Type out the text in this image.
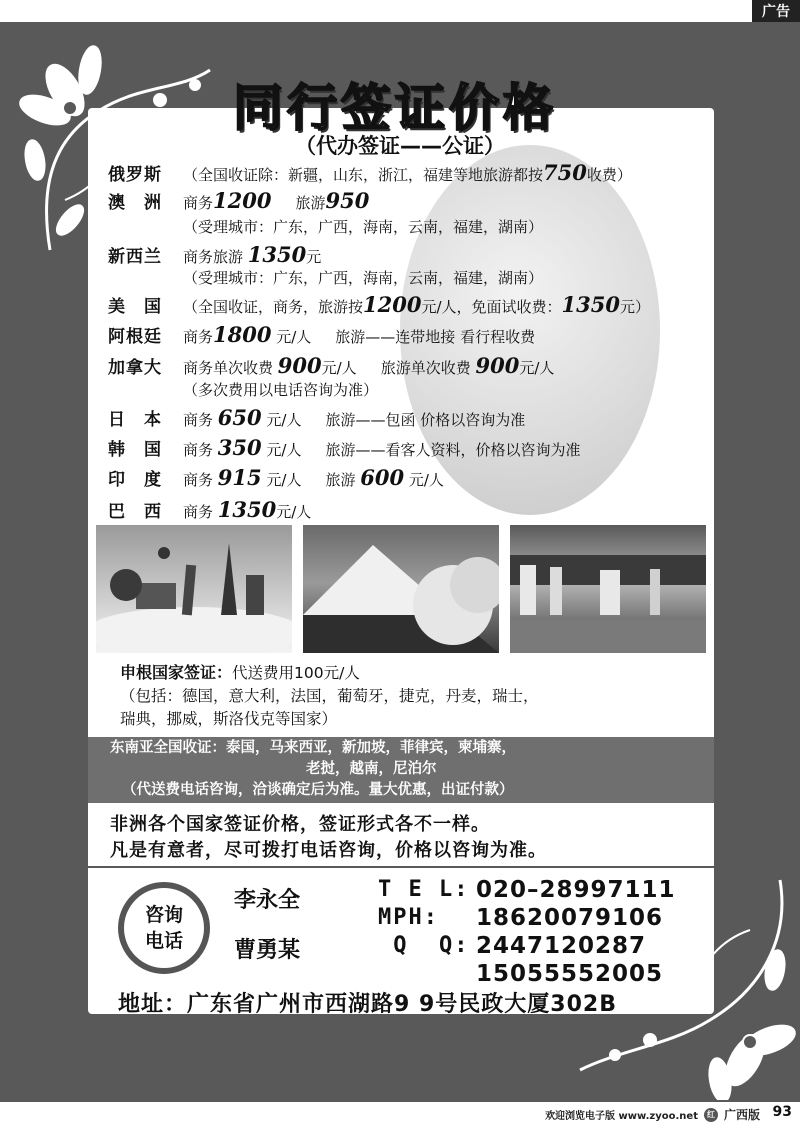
广告
同行签证价格
（代办签证——公证）
俄罗斯 （全国收证除：新疆，山东，浙江，福建等地旅游都按750收费）
澳　洲 商务1200 旅游950
（受理城市：广东，广西，海南，云南，福建，湖南）
新西兰 商务旅游 1350元
（受理城市：广东，广西，海南，云南，福建，湖南）
美　国 （全国收证，商务，旅游按1200元/人，免面试收费：1350元）
阿根廷 商务1800 元/人 旅游——连带地接 看行程收费
加拿大 商务单次收费 900元/人 旅游单次收费 900元/人
（多次费用以电话咨询为准）
日　本 商务 650 元/人 旅游——包函 价格以咨询为准
韩　国 商务 350 元/人 旅游——看客人资料，价格以咨询为准
印　度 商务 915 元/人 旅游 600 元/人
巴　西 商务 1350元/人
申根国家签证：代送费用100元/人
（包括：德国，意大利，法国，葡萄牙，捷克，丹麦，瑞士，
瑞典，挪威，斯洛伐克等国家）
东南亚全国收证：泰国，马来西亚，新加坡，菲律宾，柬埔寨，
老挝，越南，尼泊尔
（代送费电话咨询，洽谈确定后为准。量大优惠，出证付款）
非洲各个国家签证价格，签证形式各不一样。
凡是有意者，尽可拨打电话咨询，价格以咨询为准。
咨询
电话
李永全
曹勇某
T E L:
MPH:
Q  Q:
020–28997111
18620079106
2447120287
15055552005
地址：广东省广州市西湖路9 9号民政大厦302B
欢迎浏览电子版 www.zyoo.net	红 广西版 93
